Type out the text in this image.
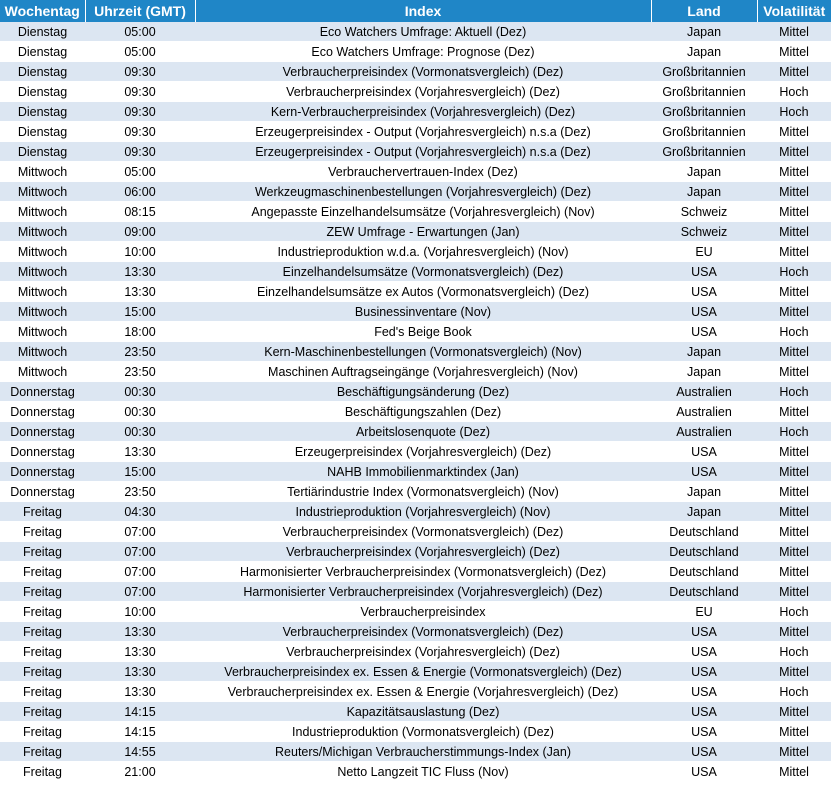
Wochentag	Uhrzeit (GMT)	Index	Land	Volatilität
Dienstag	05:00	Eco Watchers Umfrage: Aktuell (Dez)	Japan	Mittel
Dienstag	05:00	Eco Watchers Umfrage: Prognose (Dez)	Japan	Mittel
Dienstag	09:30	Verbraucherpreisindex (Vormonatsvergleich) (Dez)	Großbritannien	Mittel
Dienstag	09:30	Verbraucherpreisindex (Vorjahresvergleich) (Dez)	Großbritannien	Hoch
Dienstag	09:30	Kern-Verbraucherpreisindex (Vorjahresvergleich) (Dez)	Großbritannien	Hoch
Dienstag	09:30	Erzeugerpreisindex - Output (Vorjahresvergleich) n.s.a (Dez)	Großbritannien	Mittel
Dienstag	09:30	Erzeugerpreisindex - Output (Vorjahresvergleich) n.s.a (Dez)	Großbritannien	Mittel
Mittwoch	05:00	Verbrauchervertrauen-Index (Dez)	Japan	Mittel
Mittwoch	06:00	Werkzeugmaschinenbestellungen (Vorjahresvergleich) (Dez)	Japan	Mittel
Mittwoch	08:15	Angepasste Einzelhandelsumsätze (Vorjahresvergleich) (Nov)	Schweiz	Mittel
Mittwoch	09:00	ZEW Umfrage - Erwartungen (Jan)	Schweiz	Mittel
Mittwoch	10:00	Industrieproduktion w.d.a. (Vorjahresvergleich) (Nov)	EU	Mittel
Mittwoch	13:30	Einzelhandelsumsätze (Vormonatsvergleich) (Dez)	USA	Hoch
Mittwoch	13:30	Einzelhandelsumsätze ex Autos (Vormonatsvergleich) (Dez)	USA	Mittel
Mittwoch	15:00	Businessinventare (Nov)	USA	Mittel
Mittwoch	18:00	Fed's Beige Book	USA	Hoch
Mittwoch	23:50	Kern-Maschinenbestellungen (Vormonatsvergleich) (Nov)	Japan	Mittel
Mittwoch	23:50	Maschinen Auftragseingänge (Vorjahresvergleich) (Nov)	Japan	Mittel
Donnerstag	00:30	Beschäftigungsänderung (Dez)	Australien	Hoch
Donnerstag	00:30	Beschäftigungszahlen (Dez)	Australien	Mittel
Donnerstag	00:30	Arbeitslosenquote (Dez)	Australien	Hoch
Donnerstag	13:30	Erzeugerpreisindex (Vorjahresvergleich) (Dez)	USA	Mittel
Donnerstag	15:00	NAHB Immobilienmarktindex (Jan)	USA	Mittel
Donnerstag	23:50	Tertiärindustrie Index (Vormonatsvergleich) (Nov)	Japan	Mittel
Freitag	04:30	Industrieproduktion (Vorjahresvergleich) (Nov)	Japan	Mittel
Freitag	07:00	Verbraucherpreisindex (Vormonatsvergleich) (Dez)	Deutschland	Mittel
Freitag	07:00	Verbraucherpreisindex (Vorjahresvergleich) (Dez)	Deutschland	Mittel
Freitag	07:00	Harmonisierter Verbraucherpreisindex (Vormonatsvergleich) (Dez)	Deutschland	Mittel
Freitag	07:00	Harmonisierter Verbraucherpreisindex (Vorjahresvergleich) (Dez)	Deutschland	Mittel
Freitag	10:00	Verbraucherpreisindex	EU	Hoch
Freitag	13:30	Verbraucherpreisindex (Vormonatsvergleich) (Dez)	USA	Mittel
Freitag	13:30	Verbraucherpreisindex (Vorjahresvergleich) (Dez)	USA	Hoch
Freitag	13:30	Verbraucherpreisindex ex. Essen & Energie (Vormonatsvergleich) (Dez)	USA	Mittel
Freitag	13:30	Verbraucherpreisindex ex. Essen & Energie (Vorjahresvergleich) (Dez)	USA	Hoch
Freitag	14:15	Kapazitätsauslastung (Dez)	USA	Mittel
Freitag	14:15	Industrieproduktion (Vormonatsvergleich) (Dez)	USA	Mittel
Freitag	14:55	Reuters/Michigan Verbraucherstimmungs-Index (Jan)	USA	Mittel
Freitag	21:00	Netto Langzeit TIC Fluss (Nov)	USA	Mittel
